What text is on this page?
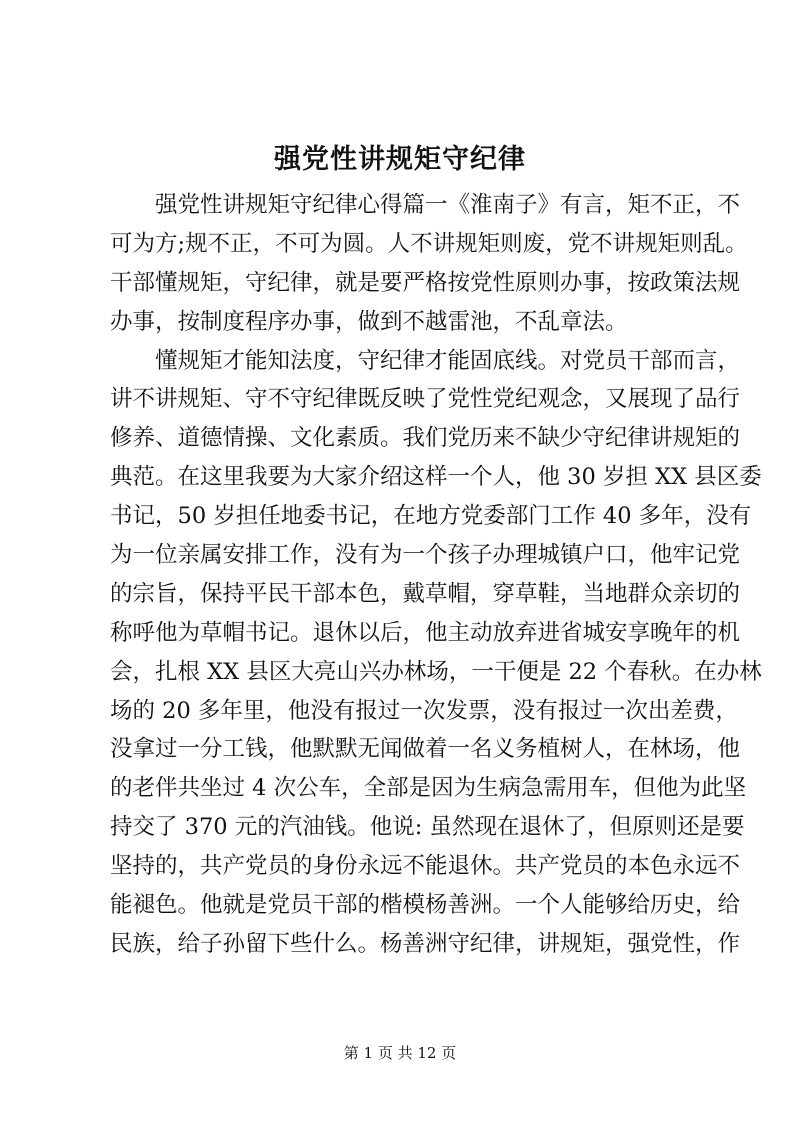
强党性讲规矩守纪律
强党性讲规矩守纪律心得篇一《淮南子》有言，矩不正，不
可为方;规不正，不可为圆。人不讲规矩则废，党不讲规矩则乱。
干部懂规矩，守纪律，就是要严格按党性原则办事，按政策法规
办事，按制度程序办事，做到不越雷池，不乱章法。
懂规矩才能知法度，守纪律才能固底线。对党员干部而言，
讲不讲规矩、守不守纪律既反映了党性党纪观念，又展现了品行
修养、道德情操、文化素质。我们党历来不缺少守纪律讲规矩的
典范。在这里我要为大家介绍这样一个人，他 30 岁担 XX 县区委
书记，50 岁担任地委书记，在地方党委部门工作 40 多年，没有
为一位亲属安排工作，没有为一个孩子办理城镇户口，他牢记党
的宗旨，保持平民干部本色，戴草帽，穿草鞋，当地群众亲切的
称呼他为草帽书记。退休以后，他主动放弃进省城安享晚年的机
会，扎根 XX 县区大亮山兴办林场，一干便是 22 个春秋。在办林
场的 20 多年里，他没有报过一次发票，没有报过一次出差费，
没拿过一分工钱，他默默无闻做着一名义务植树人，在林场，他
的老伴共坐过 4 次公车，全部是因为生病急需用车，但他为此坚
持交了 370 元的汽油钱。他说: 虽然现在退休了，但原则还是要
坚持的，共产党员的身份永远不能退休。共产党员的本色永远不
能褪色。他就是党员干部的楷模杨善洲。一个人能够给历史，给
民族，给子孙留下些什么。杨善洲守纪律，讲规矩，强党性，作
第 1 页 共 12 页
